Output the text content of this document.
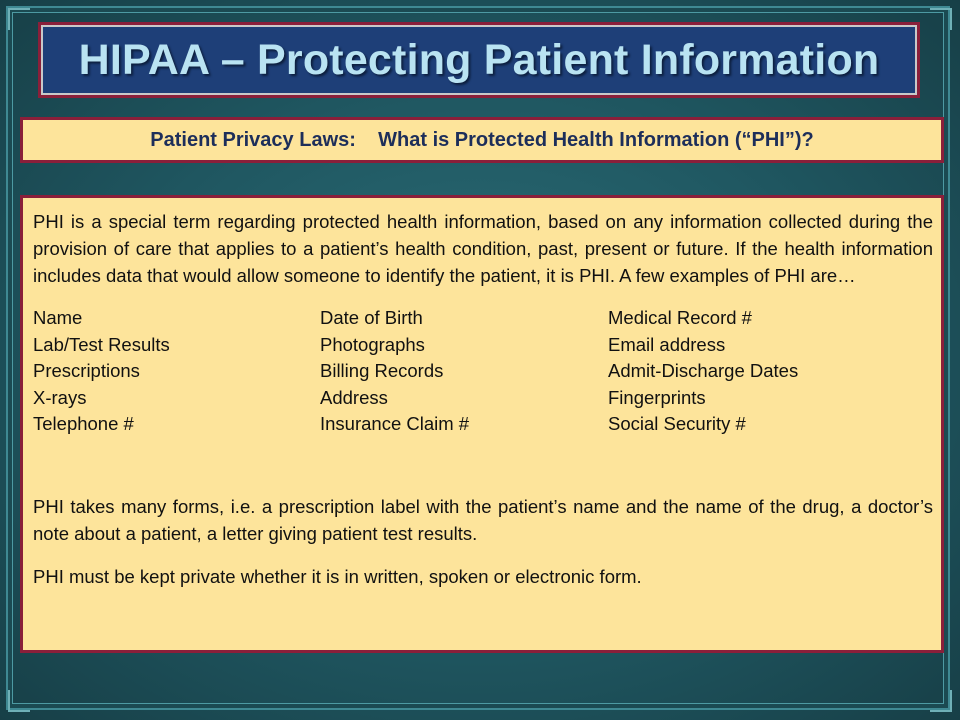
HIPAA – Protecting Patient Information
Patient Privacy Laws:    What is Protected Health Information (“PHI”)?

PHI is a special term regarding protected health information, based on any information collected during the provision of care that applies to a patient’s health condition, past, present or future. If the health information includes data that would allow someone to identify the patient, it is PHI. A few examples of PHI are…

Name	Date of Birth	Medical Record #
Lab/Test Results	Photographs	Email address
Prescriptions	Billing Records	Admit-Discharge Dates
X-rays	Address	Fingerprints
Telephone #	Insurance Claim #	Social Security #

PHI takes many forms, i.e. a prescription label with the patient’s name and the name of the drug, a doctor’s note about a patient, a letter giving patient test results.

PHI must be kept private whether it is in written, spoken or electronic form.
